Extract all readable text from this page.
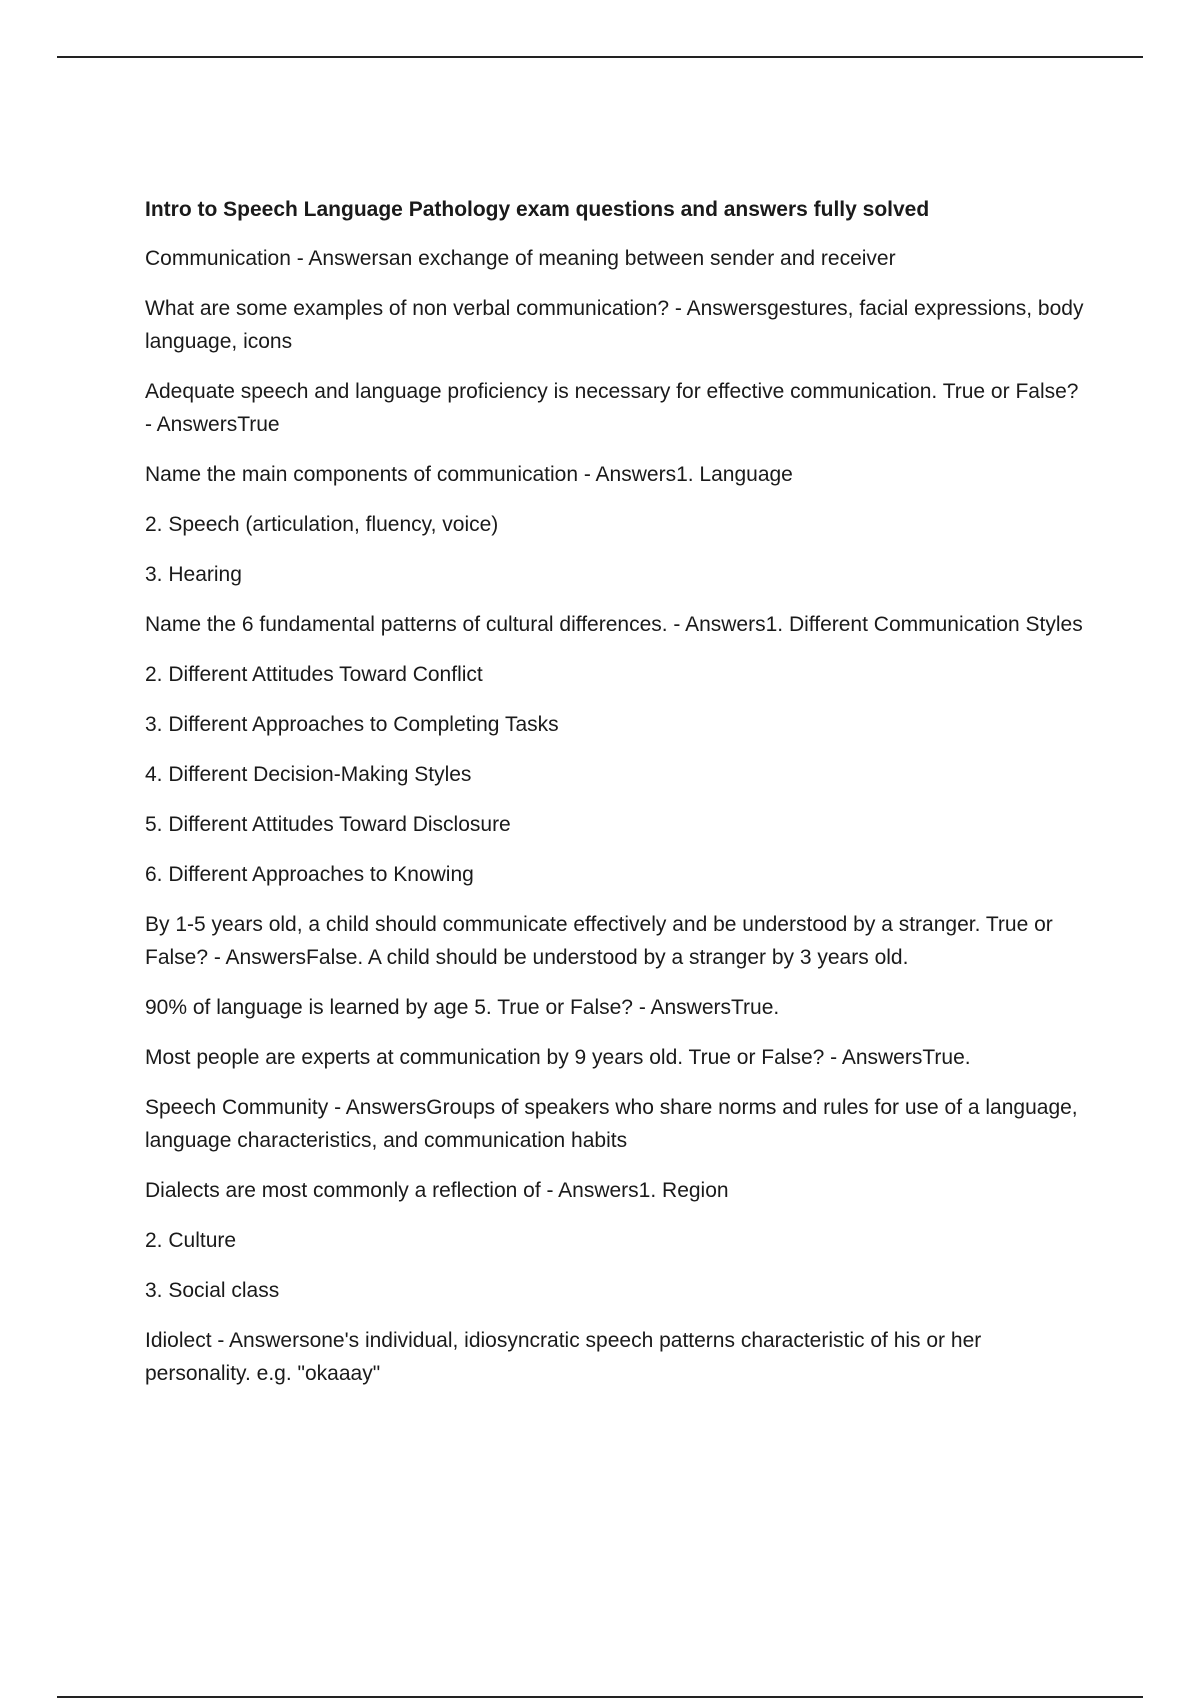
Intro to Speech Language Pathology exam questions and answers fully solved
Communication - Answersan exchange of meaning between sender and receiver
What are some examples of non verbal communication? - Answersgestures, facial expressions, body language, icons
Adequate speech and language proficiency is necessary for effective communication. True or False? - AnswersTrue
Name the main components of communication - Answers1. Language
2. Speech (articulation, fluency, voice)
3. Hearing
Name the 6 fundamental patterns of cultural differences. - Answers1. Different Communication Styles
2. Different Attitudes Toward Conflict
3. Different Approaches to Completing Tasks
4. Different Decision-Making Styles
5. Different Attitudes Toward Disclosure
6. Different Approaches to Knowing
By 1-5 years old, a child should communicate effectively and be understood by a stranger. True or False? - AnswersFalse. A child should be understood by a stranger by 3 years old.
90% of language is learned by age 5. True or False? - AnswersTrue.
Most people are experts at communication by 9 years old. True or False? - AnswersTrue.
Speech Community - AnswersGroups of speakers who share norms and rules for use of a language, language characteristics, and communication habits
Dialects are most commonly a reflection of - Answers1. Region
2. Culture
3. Social class
Idiolect - Answersone's individual, idiosyncratic speech patterns characteristic of his or her personality. e.g. "okaaay"
